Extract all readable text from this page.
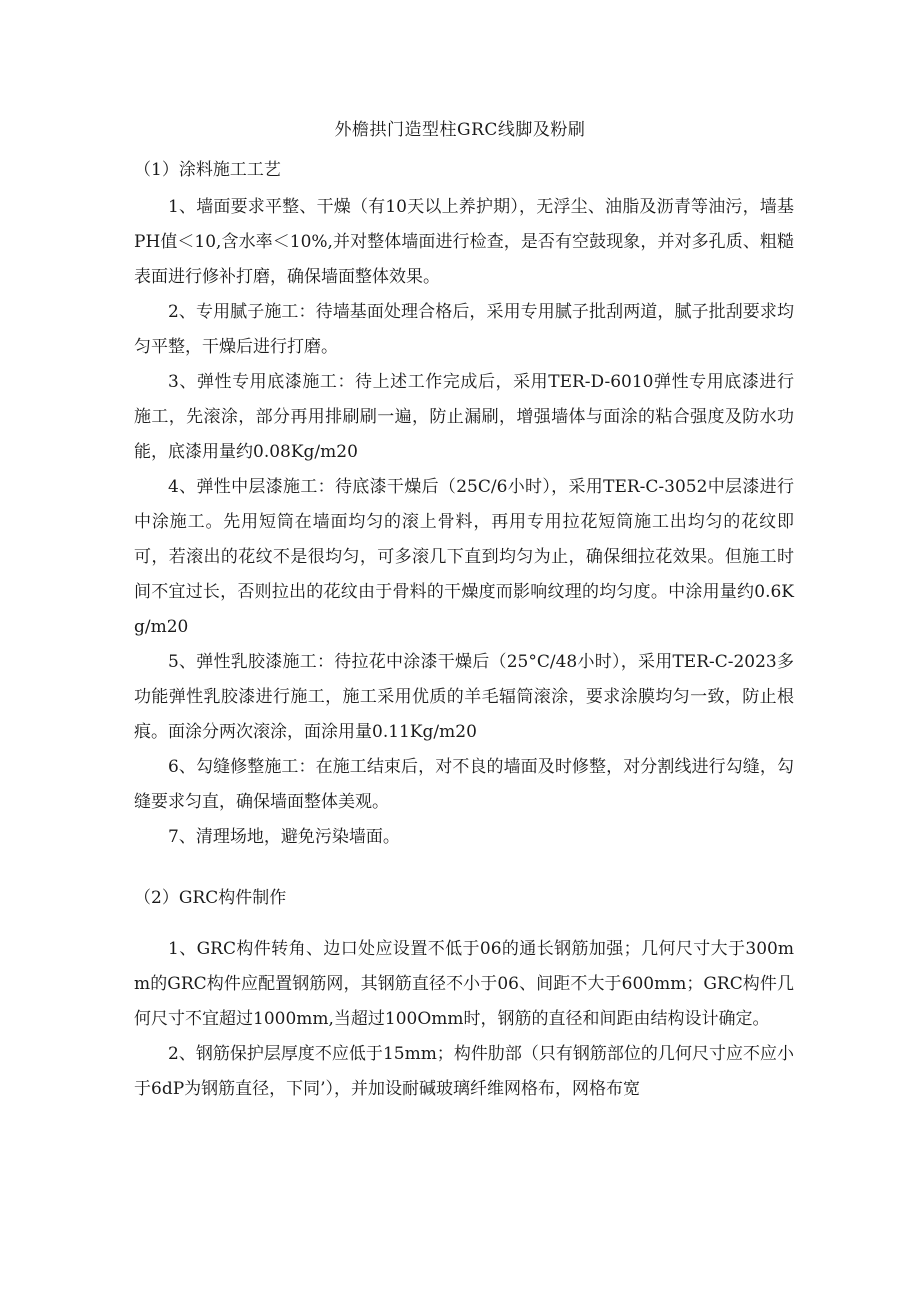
外檐拱门造型柱GRC线脚及粉刷
（1）涂料施工工艺

1、墙面要求平整、干燥（有10天以上养护期），无浮尘、油脂及沥青等油污，墙基PH值＜10,含水率＜10%,并对整体墙面进行检查，是否有空鼓现象，并对多孔质、粗糙表面进行修补打磨，确保墙面整体效果。

2、专用腻子施工：待墙基面处理合格后，采用专用腻子批刮两道，腻子批刮要求均匀平整，干燥后进行打磨。

3、弹性专用底漆施工：待上述工作完成后，采用TER-D-6010弹性专用底漆进行施工，先滚涂，部分再用排刷刷一遍，防止漏刷，增强墙体与面涂的粘合强度及防水功能，底漆用量约0.08Kg∕m20

4、弹性中层漆施工：待底漆干燥后（25C/6小时），采用TER-C-3052中层漆进行中涂施工。先用短筒在墙面均匀的滚上骨料，再用专用拉花短筒施工出均匀的花纹即可，若滚出的花纹不是很均匀，可多滚几下直到均匀为止，确保细拉花效果。但施工时间不宜过长，否则拉出的花纹由于骨料的干燥度而影响纹理的均匀度。中涂用量约0.6Kg∕m20

5、弹性乳胶漆施工：待拉花中涂漆干燥后（25°C∕48小时），采用TER-C-2023多功能弹性乳胶漆进行施工，施工采用优质的羊毛辐筒滚涂，要求涂膜均匀一致，防止根痕。面涂分两次滚涂，面涂用量0.11Kg∕m20

6、勾缝修整施工：在施工结束后，对不良的墙面及时修整，对分割线进行勾缝，勾缝要求匀直，确保墙面整体美观。

7、清理场地，避免污染墙面。

（2）GRC构件制作

1、GRC构件转角、边口处应设置不低于06的通长钢筋加强；几何尺寸大于300mm的GRC构件应配置钢筋网，其钢筋直径不小于06、间距不大于600mm；GRC构件几何尺寸不宜超过1000mm,当超过100Omm时，钢筋的直径和间距由结构设计确定。

2、钢筋保护层厚度不应低于15mm；构件肋部（只有钢筋部位的几何尺寸应不应小于6dP为钢筋直径，下同’），并加设耐碱玻璃纤维网格布，网格布宽
